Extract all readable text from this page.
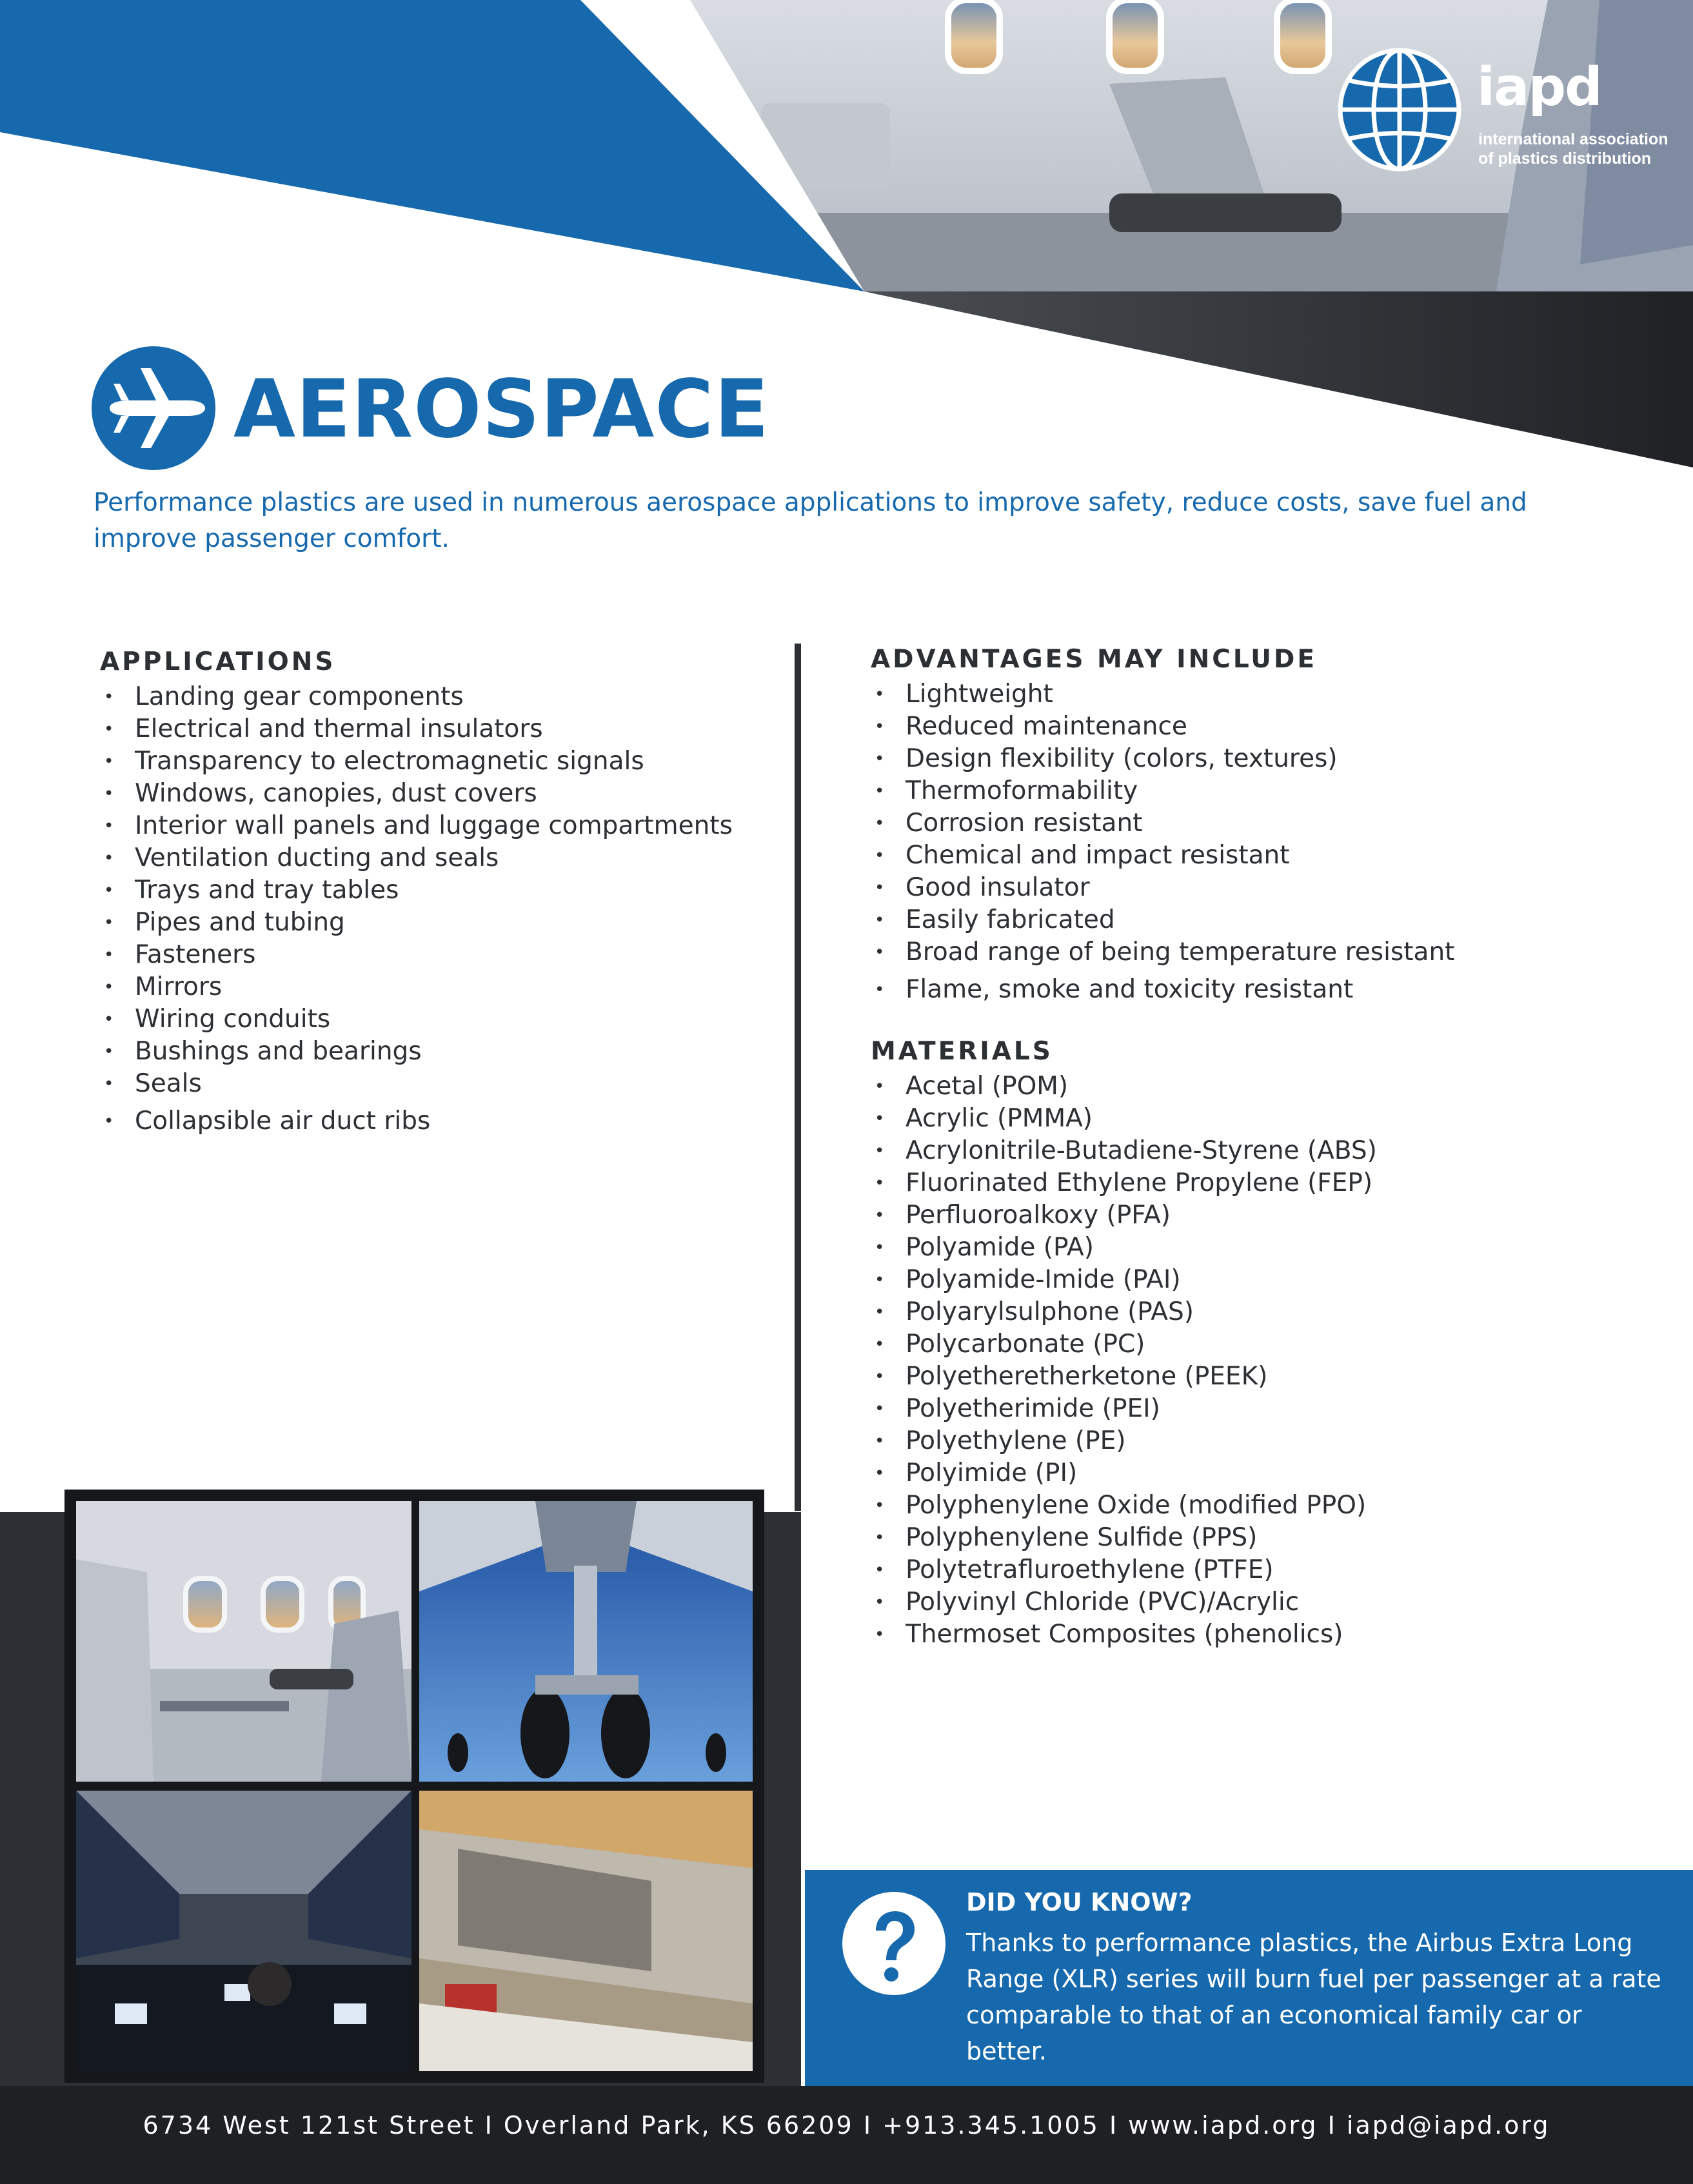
iapd
international association
of plastics distribution
AEROSPACE
Performance plastics are used in numerous aerospace applications to improve safety, reduce costs, save fuel and improve passenger comfort.
APPLICATIONS
• Landing gear components
• Electrical and thermal insulators
• Transparency to electromagnetic signals
• Windows, canopies, dust covers
• Interior wall panels and luggage compartments
• Ventilation ducting and seals
• Trays and tray tables
• Pipes and tubing
• Fasteners
• Mirrors
• Wiring conduits
• Bushings and bearings
• Seals
• Collapsible air duct ribs
ADVANTAGES MAY INCLUDE
• Lightweight
• Reduced maintenance
• Design flexibility (colors, textures)
• Thermoformability
• Corrosion resistant
• Chemical and impact resistant
• Good insulator
• Easily fabricated
• Broad range of being temperature resistant
• Flame, smoke and toxicity resistant
MATERIALS
• Acetal (POM)
• Acrylic (PMMA)
• Acrylonitrile-Butadiene-Styrene (ABS)
• Fluorinated Ethylene Propylene (FEP)
• Perfluoroalkoxy (PFA)
• Polyamide (PA)
• Polyamide-Imide (PAI)
• Polyarylsulphone (PAS)
• Polycarbonate (PC)
• Polyetheretherketone (PEEK)
• Polyetherimide (PEI)
• Polyethylene (PE)
• Polyimide (PI)
• Polyphenylene Oxide (modified PPO)
• Polyphenylene Sulfide (PPS)
• Polytetrafluroethylene (PTFE)
• Polyvinyl Chloride (PVC)/Acrylic
• Thermoset Composites (phenolics)
DID YOU KNOW?
Thanks to performance plastics, the Airbus Extra Long Range (XLR) series will burn fuel per passenger at a rate comparable to that of an economical family car or better.
6734 West 121st Street I Overland Park, KS 66209 I +913.345.1005 I www.iapd.org I iapd@iapd.org
